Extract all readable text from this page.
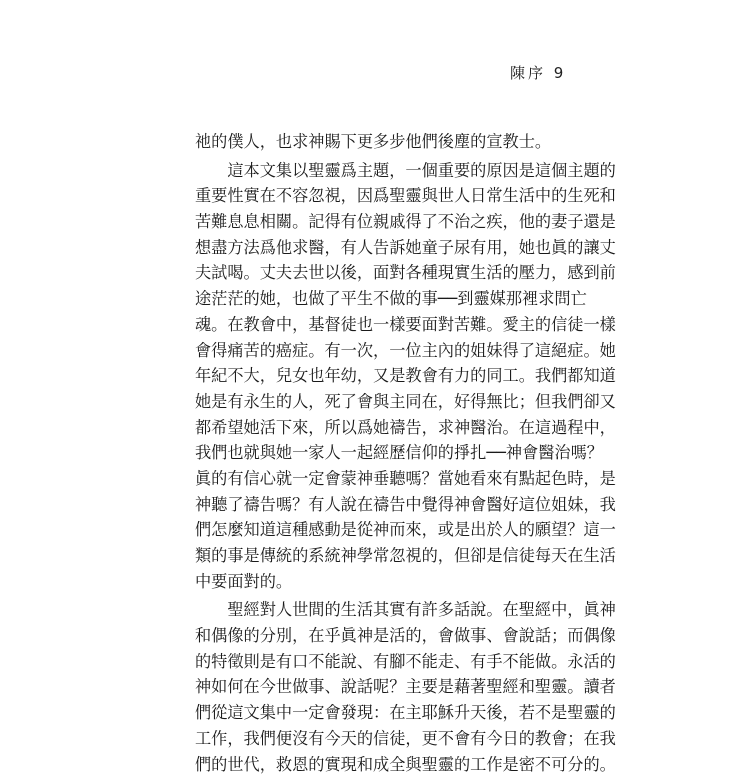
陳序 9
祂的僕人，也求神賜下更多步他們後塵的宣教士。
　　這本文集以聖靈爲主題，一個重要的原因是這個主題的
重要性實在不容忽視，因爲聖靈與世人日常生活中的生死和
苦難息息相關。記得有位親戚得了不治之疾，他的妻子還是
想盡方法爲他求醫，有人告訴她童子尿有用，她也眞的讓丈
夫試喝。丈夫去世以後，面對各種現實生活的壓力，感到前
途茫茫的她，也做了平生不做的事──到靈媒那裡求問亡
魂。在教會中，基督徒也一樣要面對苦難。愛主的信徒一樣
會得痛苦的癌症。有一次，一位主內的姐妹得了這絕症。她
年紀不大，兒女也年幼，又是教會有力的同工。我們都知道
她是有永生的人，死了會與主同在，好得無比；但我們卻又
都希望她活下來，所以爲她禱告，求神醫治。在這過程中，
我們也就與她一家人一起經歷信仰的掙扎──神會醫治嗎？
眞的有信心就一定會蒙神垂聽嗎？當她看來有點起色時，是
神聽了禱告嗎？有人說在禱告中覺得神會醫好這位姐妹，我
們怎麼知道這種感動是從神而來，或是出於人的願望？這一
類的事是傳統的系統神學常忽視的，但卻是信徒每天在生活
中要面對的。
　　聖經對人世間的生活其實有許多話說。在聖經中，眞神
和偶像的分別，在乎眞神是活的，會做事、會說話；而偶像
的特徵則是有口不能說、有腳不能走、有手不能做。永活的
神如何在今世做事、說話呢？主要是藉著聖經和聖靈。讀者
們從這文集中一定會發現：在主耶穌升天後，若不是聖靈的
工作，我們便沒有今天的信徒，更不會有今日的教會；在我
們的世代，救恩的實現和成全與聖靈的工作是密不可分的。
